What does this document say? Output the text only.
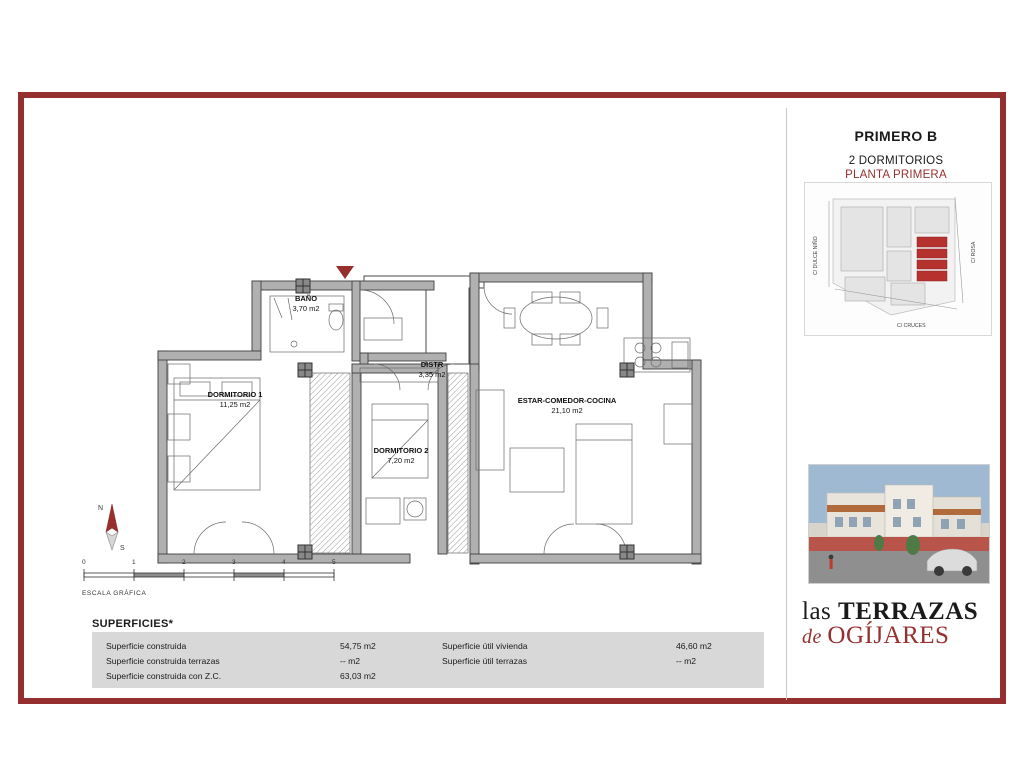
BAÑO
3,70 m2
DISTR
3,35 m2
ESTAR-COMEDOR-COCINA
21,10 m2
DORMITORIO 1
11,25 m2
DORMITORIO 2
7,20 m2
N
S
0	1	2	3	4	5
ESCALA GRÁFICA
SUPERFICIES*
Superficie construida	54,75 m2
Superficie construida terrazas	-- m2
Superficie construida con Z.C.	63,03 m2
Superficie útil vivienda	46,60 m2
Superficie útil terrazas	-- m2
PRIMERO B
2 DORMITORIOS
PLANTA PRIMERA
C/ DULCE NIÑO	C/ ROSA
C/ CRUCES
las TERRAZAS
de OGÍJARES
